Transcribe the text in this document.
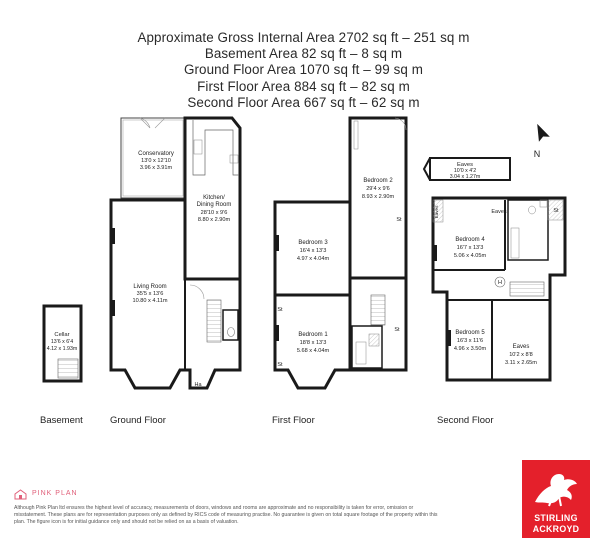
Approximate Gross Internal Area 2702 sq ft – 251 sq m
Basement Area 82 sq ft – 8 sq m
Ground Floor Area 1070 sq ft – 99 sq m
First Floor Area 884 sq ft – 82 sq m
Second Floor Area 667 sq ft – 62 sq m
Cellar
13'6 x 6'4
4.12 x 1.93m
Conservatory
13'0 x 12'10
3.96 x 3.91m
Kitchen/
Dining Room
28'10 x 9'6
8.80 x 2.90m
Living Room
35'5 x 13'6
10.80 x 4.11m
Ha
Bedroom 2
29'4 x 9'6
8.93 x 2.90m
St
Bedroom 3
16'4 x 13'3
4.97 x 4.04m
Bedroom 1
18'8 x 13'3
5.68 x 4.04m
St
St
St
Eaves
10'0 x 4'2
3.04 x 1.27m
Eaves	Eaves	St
Bedroom 4
16'7 x 13'3
5.06 x 4.05m
H
Bedroom 5
16'3 x 11'6
4.96 x 3.50m	Eaves
10'2 x 8'8
3.11 x 2.65m
N
Basement	Ground Floor	First Floor	Second Floor
PINK PLAN
Although Pink Plan ltd ensures the highest level of accuracy, measurements of doors, windows and rooms are approximate and no responsibility is taken for error, omission or misstatement. These plans are for representation purposes only as defined by RICS code of measuring practise. No guarantee is given on total square footage of the property within this plan. The figure icon is for initial guidance only and should not be relied on as a basis of valuation.	STIRLING
ACKROYD
